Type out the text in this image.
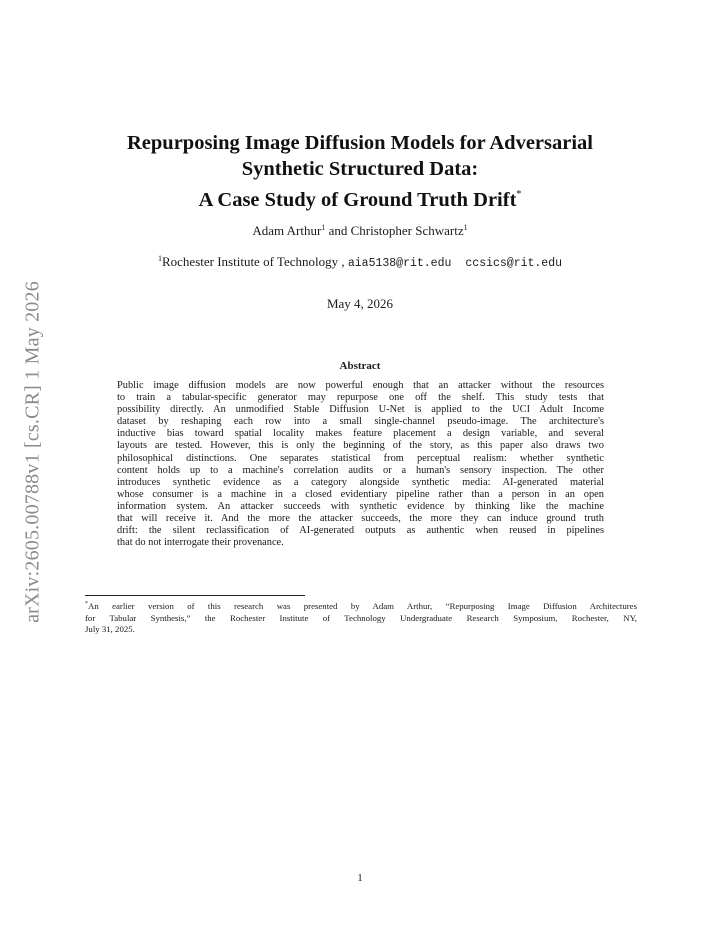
arXiv:2605.00788v1 [cs.CR] 1 May 2026
Repurposing Image Diffusion Models for Adversarial
Synthetic Structured Data:
A Case Study of Ground Truth Drift*
Adam Arthur$^1$ and Christopher Schwartz$^1$
$^1$Rochester Institute of Technology , aia5138@rit.edu ccsics@rit.edu
May 4, 2026
Abstract
Public image diffusion models are now powerful enough that an attacker without the resources
to train a tabular-specific generator may repurpose one off the shelf. This study tests that
possibility directly. An unmodified Stable Diffusion U-Net is applied to the UCI Adult Income
dataset by reshaping each row into a small single-channel pseudo-image. The architecture's
inductive bias toward spatial locality makes feature placement a design variable, and several
layouts are tested. However, this is only the beginning of the story, as this paper also draws two
philosophical distinctions. One separates statistical from perceptual realism: whether synthetic
content holds up to a machine's correlation audits or a human's sensory inspection. The other
introduces synthetic evidence as a category alongside synthetic media: AI-generated material
whose consumer is a machine in a closed evidentiary pipeline rather than a person in an open
information system. An attacker succeeds with synthetic evidence by thinking like the machine
that will receive it. And the more the attacker succeeds, the more they can induce ground truth
drift: the silent reclassification of AI-generated outputs as authentic when reused in pipelines
that do not interrogate their provenance.
*An earlier version of this research was presented by Adam Arthur, “Repurposing Image Diffusion Architectures
for Tabular Synthesis,” the Rochester Institute of Technology Undergraduate Research Symposium, Rochester, NY,
July 31, 2025.
1
